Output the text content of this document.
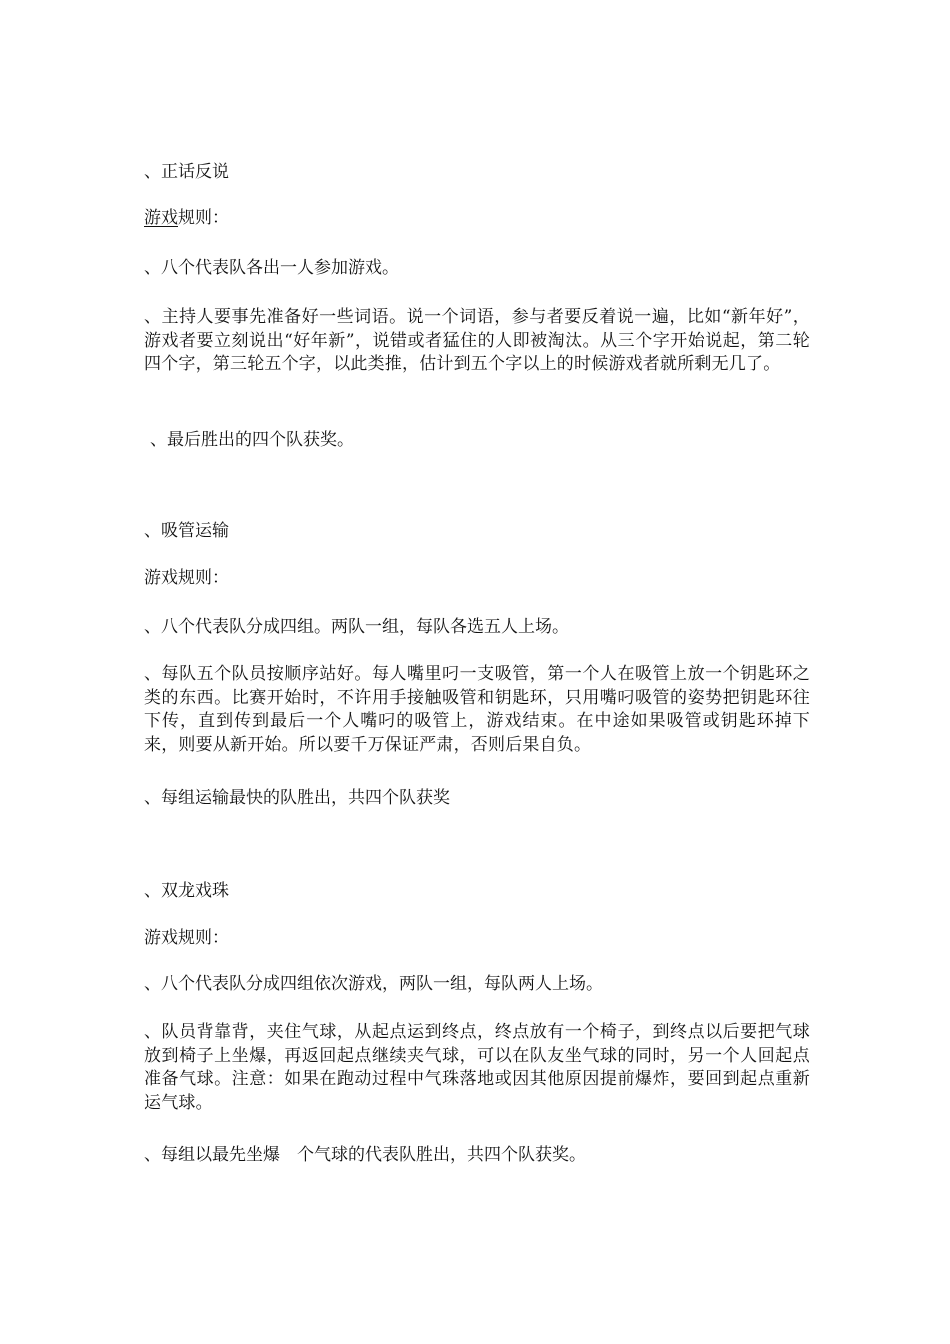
、正话反说
游戏规则：
、八个代表队各出一人参加游戏。
、主持人要事先准备好一些词语。说一个词语，参与者要反着说一遍，比如“新年好”，游戏者要立刻说出“好年新”，说错或者猛住的人即被淘汰。从三个字开始说起，第二轮四个字，第三轮五个字，以此类推，估计到五个字以上的时候游戏者就所剩无几了。
、最后胜出的四个队获奖。
、吸管运输
游戏规则：
、八个代表队分成四组。两队一组，每队各选五人上场。
、每队五个队员按顺序站好。每人嘴里叼一支吸管，第一个人在吸管上放一个钥匙环之类的东西。比赛开始时，不许用手接触吸管和钥匙环，只用嘴叼吸管的姿势把钥匙环往下传，直到传到最后一个人嘴叼的吸管上，游戏结束。在中途如果吸管或钥匙环掉下来，则要从新开始。所以要千万保证严肃，否则后果自负。
、每组运输最快的队胜出，共四个队获奖
、双龙戏珠
游戏规则：
、八个代表队分成四组依次游戏，两队一组，每队两人上场。
、队员背靠背，夹住气球，从起点运到终点，终点放有一个椅子，到终点以后要把气球放到椅子上坐爆，再返回起点继续夹气球，可以在队友坐气球的同时，另一个人回起点准备气球。注意：如果在跑动过程中气珠落地或因其他原因提前爆炸，要回到起点重新运气球。
、每组以最先坐爆　个气球的代表队胜出，共四个队获奖。
